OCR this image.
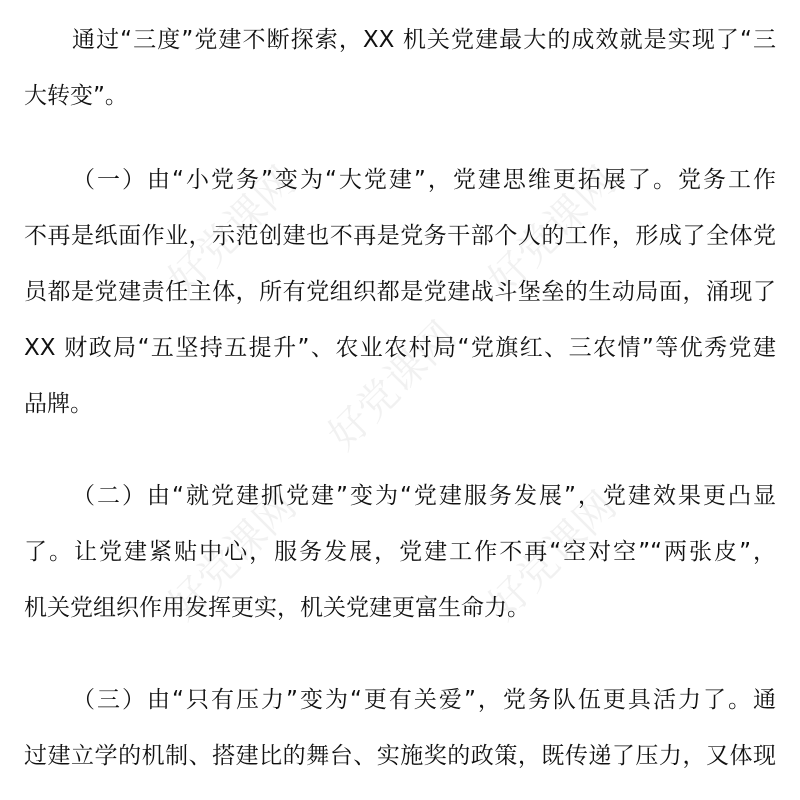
好党课网	好党课网
好党课网
好党课网	好党课网
通过“三度”党建不断探索，XX 机关党建最大的成效就是实现了“三
大转变”。
（一）由“小党务”变为“大党建”，党建思维更拓展了。党务工作
不再是纸面作业，示范创建也不再是党务干部个人的工作，形成了全体党
员都是党建责任主体，所有党组织都是党建战斗堡垒的生动局面，涌现了
XX 财政局“五坚持五提升”、农业农村局“党旗红、三农情”等优秀党建
品牌。
（二）由“就党建抓党建”变为“党建服务发展”，党建效果更凸显
了。让党建紧贴中心，服务发展，党建工作不再“空对空”“两张皮”，
机关党组织作用发挥更实，机关党建更富生命力。
（三）由“只有压力”变为“更有关爱”，党务队伍更具活力了。通
过建立学的机制、搭建比的舞台、实施奖的政策，既传递了压力，又体现
